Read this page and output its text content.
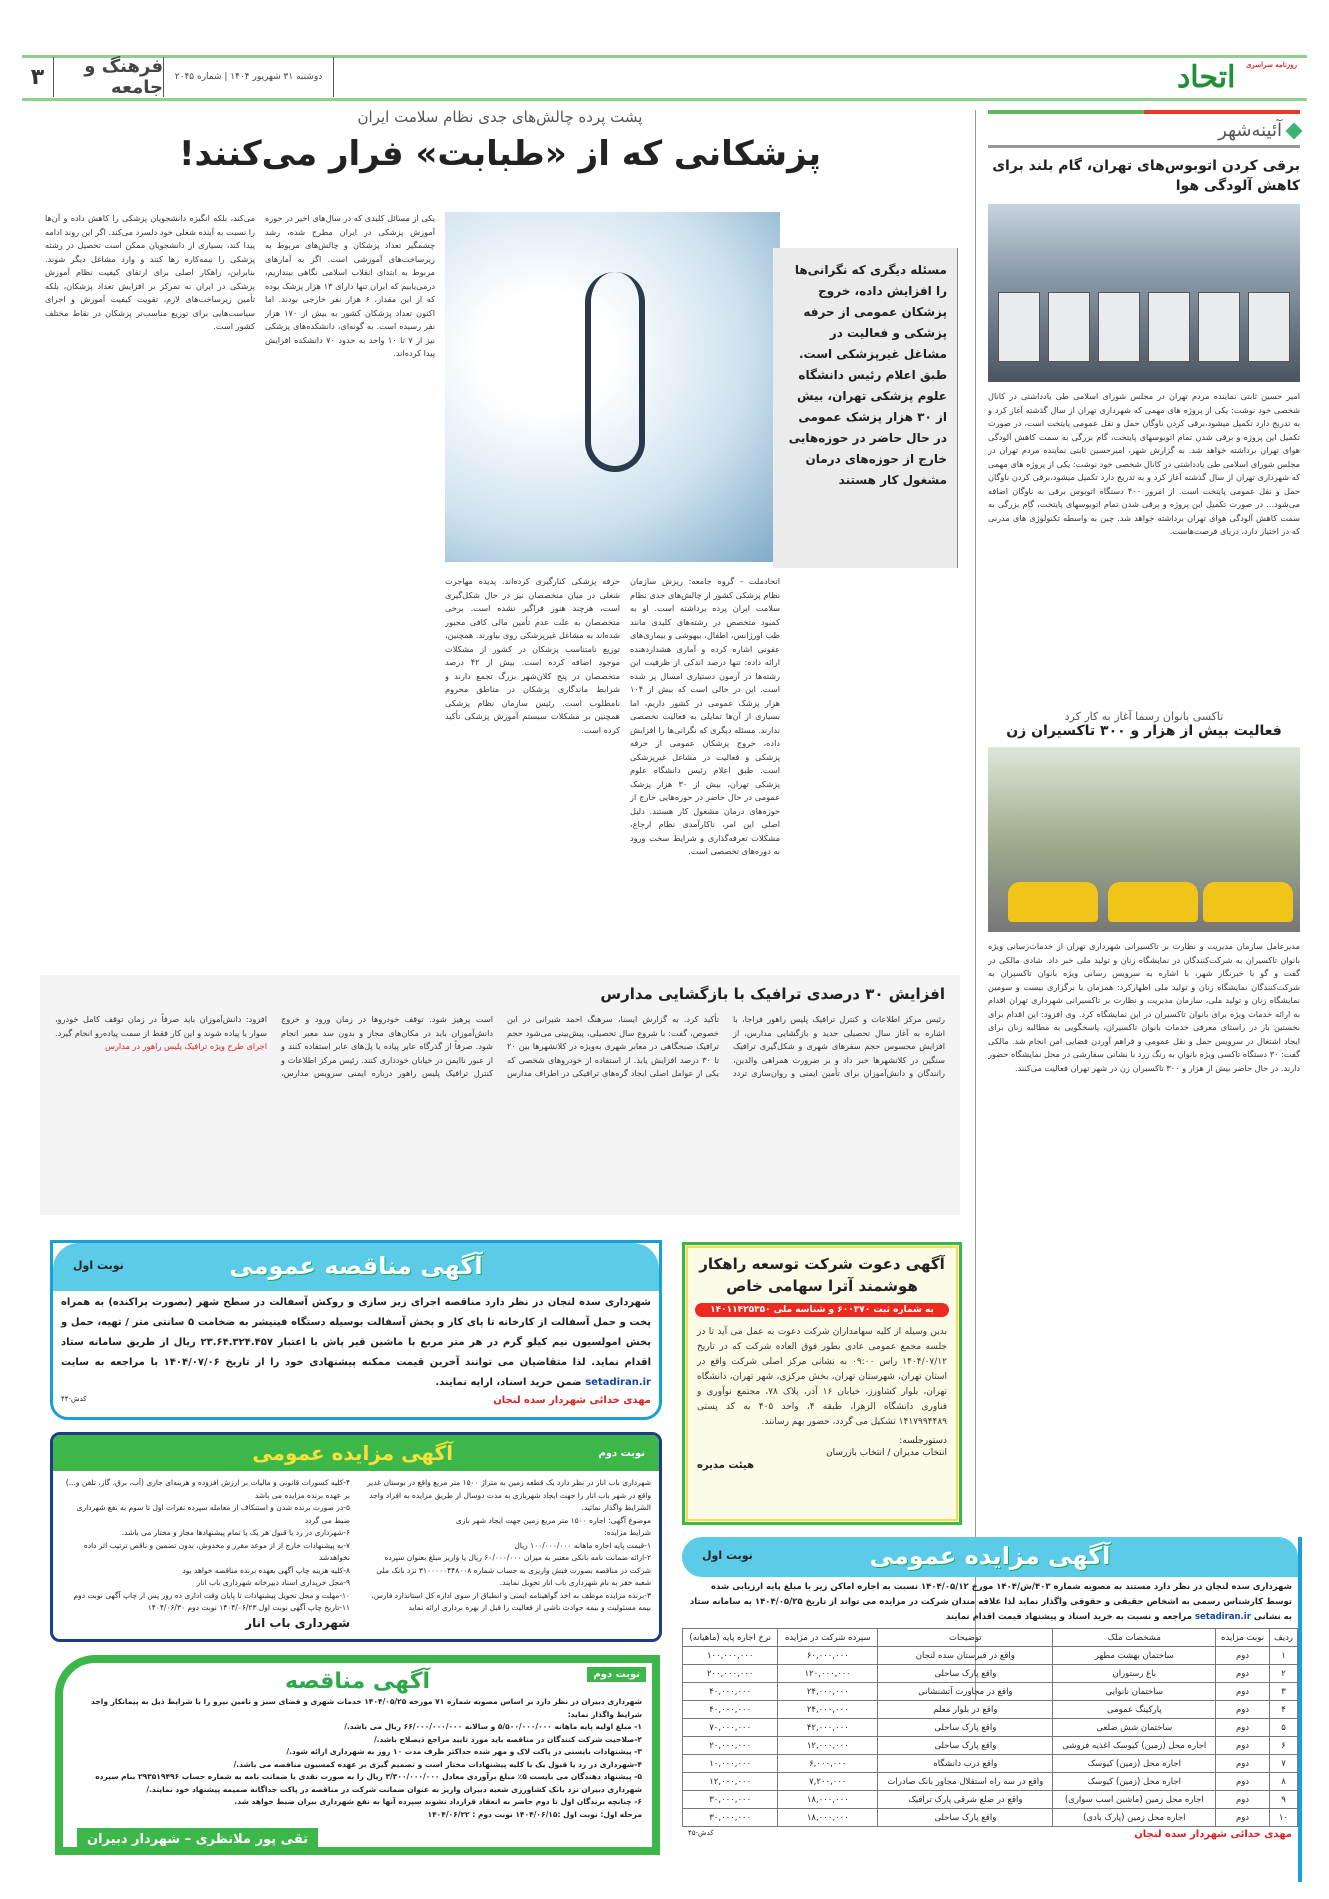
۳	فرهنگ و جامعه	دوشنبه ۳۱ شهریور ۱۴۰۴ | شماره ۲۰۴۵
$^{روزنامه سراسری}$ اتحاد
آئینه‌شهر
برقی کردن اتوبوس‌های تهران، گام بلند برای کاهش آلودگی هوا
امیر حسین ثابتی نماینده مردم تهران در مجلس شورای اسلامی طی یادداشتی در کانال شخصی خود نوشت: یکی از پروژه های مهمی که شهرداری تهران از سال گذشته آغاز کرد و به تدریج دارد تکمیل میشود،برقی کردن ناوگان حمل و نقل عمومی پایتخت است، در صورت تکمیل این پروژه و برقی شدن تمام اتوبوسهای پایتخت، گام بزرگی به سمت کاهش آلودگی هوای تهران برداشته خواهد شد. به گزارش شهر، امیرحسین ثابتی نماینده مردم تهران در مجلس شورای اسلامی طی یادداشتی در کانال شخصی خود نوشت: یکی از پروژه های مهمی که شهرداری تهران از سال گذشته آغاز کرد و به تدریج دارد تکمیل میشود،برقی کردن ناوگان حمل و نقل عمومی پایتخت است. از امروز ۴۰۰ دستگاه اتوبوس برقی به ناوگان اضافه می‌شود... در صورت تکمیل این پروژه و برقی شدن تمام اتوبوسهای پایتخت، گام بزرگی به سمت کاهش آلودگی هوای تهران برداشته خواهد شد. چین به واسطه تکنولوژی های مدرنی که در اختیار دارد، دریای فرصت‌هاست.
تاکسی بانوان رسما آغاز به کار کرد
فعالیت بیش از هزار و ۳۰۰ تاکسیران زن
مدیرعامل سازمان مدیریت و نظارت بر تاکسیرانی شهرداری تهران از خدمات‌رسانی ویژه بانوان تاکسیران به شرکت‌کنندگان در نمایشگاه زنان و تولید ملی خبر داد. شادی مالکی در گفت و گو با خبرنگار شهر، با اشاره به سرویس رسانی ویژه بانوان تاکسیران به شرکت‌کنندگان نمایشگاه زنان و تولید ملی اظهارکرد: همزمان با برگزاری بیست و سومین نمایشگاه زنان و تولید ملی، سازمان مدیریت و نظارت بر تاکسیرانی شهرداری تهران اقدام به ارائه خدمات ویژه برای بانوان تاکسیران در این نمایشگاه کرد. وی افزود: این اقدام برای نخستین بار در راستای معرفی خدمات بانوان تاکسیران، پاسخگویی به مطالبه زنان برای ایجاد اشتغال در سرویس حمل و نقل عمومی و فراهم آوردن فضایی امن انجام شد. مالکی گفت: ۳۰ دستگاه تاکسی ویژه بانوان به رنگ زرد با نشانی سفارشی در محل نمایشگاه حضور دارند. در حال حاضر بیش از هزار و ۳۰۰ تاکسیران زن در شهر تهران فعالیت می‌کنند.
پشت پرده چالش‌های جدی نظام سلامت ایران
پزشکانی که از «طبابت» فرار می‌کنند!
مسئله دیگری که نگرانی‌ها را افزایش داده، خروج پزشکان عمومی از حرفه پزشکی و فعالیت در مشاغل غیرپزشکی است. طبق اعلام رئیس دانشگاه علوم پزشکی تهران، بیش از ۳۰ هزار پزشک عمومی در حال حاضر در حوزه‌هایی خارج از حوزه‌های درمان مشغول کار هستند
اتحادملت - گروه جامعه: ریزش سازمان نظام پزشکی کشور از چالش‌های جدی نظام سلامت ایران پرده برداشته است. او به کمبود متخصص در رشته‌های کلیدی مانند طب اورژانس، اطفال، بیهوشی و بیماری‌های عفونی اشاره کرده و آماری هشداردهنده ارائه داده: تنها درصد اندکی از ظرفیت این رشته‌ها در آزمون دستیاری امسال پر شده است. این در حالی است که بیش از ۱۰۴ هزار پزشک عمومی در کشور داریم، اما بسیاری از آن‌ها تمایلی به فعالیت تخصصی ندارند. مسئله دیگری که نگرانی‌ها را افزایش داده، خروج پزشکان عمومی از حرفه پزشکی و فعالیت در مشاغل غیرپزشکی است. طبق اعلام رئیس دانشگاه علوم پزشکی تهران، بیش از ۳۰ هزار پزشک عمومی در حال حاضر در حوزه‌هایی خارج از حوزه‌های درمان مشغول کار هستند. دلیل اصلی این امر، ناکارآمدی نظام ارجاع، مشکلات تعرفه‌گذاری و شرایط سخت ورود به دوره‌های تخصصی است.
حرفه پزشکی کنار‌گیری کرده‌اند. پدیده مهاجرت شغلی در میان متخصصان نیز در حال شکل‌گیری است، هرچند هنوز فراگیر نشده است. برخی متخصصان به علت عدم تأمین مالی کافی مجبور شده‌اند به مشاغل غیرپزشکی روی بیاورند. همچنین، توزیع نامتناسب پزشکان در کشور از مشکلات موجود اضافه کرده است. بیش از ۴۲ درصد متخصصان در پنج کلان‌شهر بزرگ تجمع دارند و شرایط ماندگاری پزشکان در مناطق محروم نامطلوب است. رئیس سازمان نظام پزشکی همچنین بر مشکلات سیستم آموزش پزشکی تأکید کرده است.
یکی از مسائل کلیدی که در سال‌های اخیر در حوزه آموزش پزشکی در ایران مطرح شده، رشد چشمگیر تعداد پزشکان و چالش‌های مربوط به زیرساخت‌های آموزشی است. اگر به آمارهای مربوط به ابتدای انقلاب اسلامی نگاهی بیندازیم، درمی‌یابیم که ایران تنها دارای ۱۳ هزار پزشک بوده که از این مقدار، ۶ هزار نفر خارجی بودند. اما اکنون تعداد پزشکان کشور به بیش از ۱۷۰ هزار نفر رسیده است. به گونه‌ای، دانشکده‌های پزشکی نیز از ۷ تا ۱۰ واحد به حدود ۷۰ دانشکده افزایش پیدا کرده‌اند.
می‌کند، بلکه انگیزه دانشجویان پزشکی را کاهش داده و آن‌ها را نسبت به آینده شغلی خود دلسرد می‌کند. اگر این روند ادامه پیدا کند، بسیاری از دانشجویان ممکن است تحصیل در رشته پزشکی را نیمه‌کاره رها کنند و وارد مشاغل دیگر شوند. بنابراین، راهکار اصلی برای ارتقای کیفیت نظام آموزش پزشکی در ایران نه تمرکز بر افزایش تعداد پزشکان، بلکه تأمین زیرساخت‌های لازم، تقویت کیفیت آموزش و اجرای سیاست‌هایی برای توزیع مناسب‌تر پزشکان در نقاط مختلف کشور است.
افزایش ۳۰ درصدی ترافیک با بازگشایی مدارس
رئیس مرکز اطلاعات و کنترل ترافیک پلیس راهور فراجا، با اشاره به آغاز سال تحصیلی جدید و بازگشایی مدارس، از افزایش محسوس حجم سفرهای شهری و شکل‌گیری ترافیک سنگین در کلانشهرها خبر داد و بر ضرورت همراهی والدین، رانندگان و دانش‌آموزان برای تأمین ایمنی و روان‌سازی تردد تأکید کرد. به گزارش ایسنا، سرهنگ احمد شیرانی در این خصوص، گفت: با شروع سال تحصیلی، پیش‌بینی می‌شود حجم ترافیک صبحگاهی در معابر شهری به‌ویژه در کلانشهرها بین ۲۰ تا ۳۰ درصد افزایش یابد. از استفاده از خودروهای شخصی که یکی از عوامل اصلی ایجاد گره‌های ترافیکی در اطراف مدارس است پرهیز شود. توقف خودروها در زمان ورود و خروج دانش‌آموزان باید در مکان‌های مجاز و بدون سد معبر انجام شود. صرفاً از گذرگاه عابر پیاده یا پل‌های عابر استفاده کنند و از عبور ناایمن در خیابان خودداری کنند. رئیس مرکز اطلاعات و کنترل ترافیک پلیس راهور درباره ایمنی سرویس مدارس، افزود: دانش‌آموزان باید صرفاً در زمان توقف کامل خودرو، سوار یا پیاده شوند و این کار فقط از سمت پیاده‌رو انجام گیرد. اجرای طرح ویژه ترافیک پلیس راهور در مدارس
آگهی مناقصه عمومی
نوبت اول
شهرداری سده لنجان در نظر دارد مناقصه اجرای زیر سازی و روکش آسفالت در سطح شهر (بصورت پراکنده) به همراه پخت و حمل آسفالت از کارخانه تا پای کار و پخش آسفالت بوسیله دستگاه فینیشر به ضخامت ۵ سانتی متر / تهیه، حمل و پخش امولسیون نیم کیلو گرم در هر متر مربع با ماشین قیر پاش با اعتبار ۲۳.۶۴.۳۲۴.۴۵۷ ریال از طریق سامانه ستاد اقدام نماید. لذا متقاضیان می توانند آخرین قیمت ممکنه پیشنهادی خود را از تاریخ ۱۴۰۴/۰۷/۰۶ با مراجعه به سایت setadiran.ir ضمن خرید اسناد، ارایه نمایند.
مهدی خدائی شهردار سده لنجان
کدش-۴۴
آگهی دعوت شرکت توسعه راهکار هوشمند آترا سهامی خاص
به شماره ثبت ۶۰۰۳۷۰ و شناسه ملی ۱۴۰۱۱۴۲۵۳۵۰
بدین وسیله از کلیه سهامداران شرکت دعوت به عمل می آید تا در جلسه مجمع عمومی عادی بطور فوق العاده شرکت که در تاریخ ۱۴۰۴/۰۷/۱۲ راس ۰۹:۰۰ به نشانی مرکز اصلی شرکت واقع در استان تهران، شهرستان تهران، بخش مرکزی، شهر تهران، دانشگاه تهران، بلوار کشاورز، خیابان ۱۶ آذر، پلاک ۷۸، مجتمع نوآوری و فناوری دانشگاه الزهرا، طبقه ۴، واحد ۴۰۵ به کد پستی ۱۴۱۷۹۹۴۴۸۹ تشکیل می گردد، حضور بهم رسانند.
دستورجلسه:
انتخاب مدیران / انتخاب بازرسان
هیئت مدیره
نوبت دوم
آگهی مزایده عمومی
شهرداری باب انار در نظر دارد یک قطعه زمین به متراژ ۱۵۰۰ متر مربع واقع در بوستان غدیر واقع در شهر باب انار را جهت ایجاد شهربازی به مدت دوسال از طریق مزایده به افراد واجد الشرایط واگذار نمائید.
موضوع آگهی: اجاره ۱۵۰۰ متر مربع زمین جهت ایجاد شهر بازی
شرایط مزایده:
۱-قیمت پایه اجاره ماهانه ۱۰۰/۰۰۰/۰۰۰ ریال
۲-ارائه ضمانت نامه بانکی معتبر به میزان ۶۰/۰۰۰/۰۰۰ ریال یا واریز مبلغ بعنوان سپرده شرکت در مناقصه بصورت فیش واریزی به حساب شماره ۳۱۰۰۰۰۰۴۴۸۰۰۸ نزد بانک ملی شعبه خفر به نام شهرداری باب انار تحویل نمایند.
۳-برنده مزایده موظف به اخذ گواهینامه ایمنی و انطباق از سوی اداره کل استاندارد فارس، بیمه مسئولیت و بیمه حوادث ناشی از فعالیت را قبل از بهره برداری ارائه نماید
۴-کلیه کسورات قانونی و مالیات بر ارزش افزوده و هزینه‌ای جاری (آب، برق، گاز، تلفن و...) بر عهده برنده مزایده می باشد
۵-در صورت برنده شدن و استنکاف از معامله سپرده نفرات اول تا سوم به نفع شهرداری ضبط می گردد
۶-شهرداری در رد یا قبول هر یک یا تمام پیشنهادها مجاز و مختار می باشد.
۷-به پیشنهادات خارج از از موعد مقرر و مخدوش، بدون تضمین و ناقص ترتیب اثر داده نخواهدشد
۸-کلیه هزینه چاپ آگهی بعهده برنده مناقصه خواهد بود
۹-محل خریداری اسناد دبیرخانه شهرداری باب انار
۱۰-مهلت و محل تحویل پیشنهادات تا پایان وقت اداری ده روز پس از چاپ آگهی نوبت دوم
۱۱-تاریخ چاپ آگهی نوبت اول ۱۴۰۴/۰۶/۲۳ نوبت دوم ۱۴۰۴/۰۶/۳۰
شهرداری باب انار
نوبت دوم
آگهی مناقصه
شهرداری دبیران در نظر دارد بر اساس مصوبه شماره ۷۱ مورخه ۱۴۰۴/۰۵/۲۵ خدمات شهری و فضای سبز و تامین نیرو را با شرایط ذیل به پیمانکار واجد شرایط واگذار نماید:
۱- مبلغ اولیه پایه ماهانه ۵/۵۰۰/۰۰۰/۰۰۰ و سالانه ۶۶/۰۰۰/۰۰۰/۰۰۰ ریال می باشد./
۲-صلاحیت شرکت کنندگان در مناقصه باید مورد تایید مراجع ذیصلاح باشد./
۳- پیشنهادات بایستی در پاکت لاک و مهر شده حداکثر ظرف مدت ۱۰ روز به شهرداری ارائه شود./
۴-شهرداری در رد یا قبول یک یا کلیه پیشنهادات مختار است و تصمیم گیری بر عهده کمسیون مناقصه می باشد./
۵- پیشنهاد دهندگان می بایست ۵٪ مبلغ برآوردی معادل ۳/۳۰۰/۰۰۰/۰۰۰ ریال را به صورت نقدی یا ضمانت نامه به شماره حساب ۲۹۳۵۱۹۴۹۶ بنام سپرده شهرداری دبیران نزد بانک کشاورزی شعبه دبیران واریز به عنوان ضمانت شرکت در مناقصه در پاکت جداگانه ضمیمه پیشنهاد خود نمایند./
۶- چنانچه برندگان اول تا دوم حاضر به انعقاد قرارداد نشوند سپرده آنها به نفع شهرداری بیران ضبط خواهد شد.
مرحله اول: نوبت اول :۱۴۰۴/۰۶/۱۵ نوبت دوم : ۱۴۰۴/۰۶/۲۲
تقی پور ملانظری – شهردار دبیران
آگهی مزایده عمومی
نوبت اول
شهرداری سده لنجان در نظر دارد مستند به مصوبه شماره ۴۰۳/ش/۱۴۰۴ مورخ ۱۴۰۴/۰۵/۱۲ نسبت به اجاره اماکن زیر با مبلغ پایه ارزیابی شده توسط کارشناس رسمی به اشخاص حقیقی و حقوقی واگذار نماید لذا علاقه مندان شرکت در مزایده می تواند از تاریخ ۱۴۰۴/۰۵/۲۵ به سامانه ستاد به نشانی setadiran.ir مراجعه و نسبت به خرید اسناد و پیشنهاد قیمت اقدام نمایند
ردیف	نوبت مزایده	مشخصات ملک	توضیحات	سپرده شرکت در مزایده	نرخ اجاره پایه (ماهیانه)
۱	دوم	ساختمان بهشت مطهر	واقع در قبرستان سده لنجان	۶۰,۰۰۰,۰۰۰	۱۰۰,۰۰۰,۰۰۰
۲	دوم	باغ رستوران	واقع پارک ساحلی	۱۲۰,۰۰۰,۰۰۰	۲۰۰,۰۰۰,۰۰۰
۳	دوم	ساختمان نانوایی	واقع در مجاورت آتشنشانی	۲۴,۰۰۰,۰۰۰	۴۰,۰۰۰,۰۰۰
۴	دوم	پارکینگ عمومی	واقع در بلوار معلم	۲۴,۰۰۰,۰۰۰	۴۰,۰۰۰,۰۰۰
۵	دوم	ساختمان شش ضلعی	واقع پارک ساحلی	۴۲,۰۰۰,۰۰۰	۷۰,۰۰۰,۰۰۰
۶	دوم	اجاره محل (زمین) کیوسک اغذیه فروشی	واقع پارک ساحلی	۱۲,۰۰۰,۰۰۰	۲۰,۰۰۰,۰۰۰
۷	دوم	اجاره محل (زمین) کیوسک	واقع درب دانشگاه	۶,۰۰۰,۰۰۰	۱۰,۰۰۰,۰۰۰
۸	دوم	اجاره محل (زمین) کیوسک	واقع در سه راه استقلال مجاور بانک صادرات	۷,۲۰۰,۰۰۰	۱۲,۰۰۰,۰۰۰
۹	دوم	اجاره محل زمین (ماشین اسب سواری)	واقع در ضلع شرقی پارک ترافیک	۱۸,۰۰۰,۰۰۰	۳۰,۰۰۰,۰۰۰
۱۰	دوم	اجاره محل زمین (پارک بادی)	واقع پارک ساحلی	۱۸,۰۰۰,۰۰۰	۳۰,۰۰۰,۰۰۰
مهدی خدائی شهردار سده لنجان
کدش-۴۵
